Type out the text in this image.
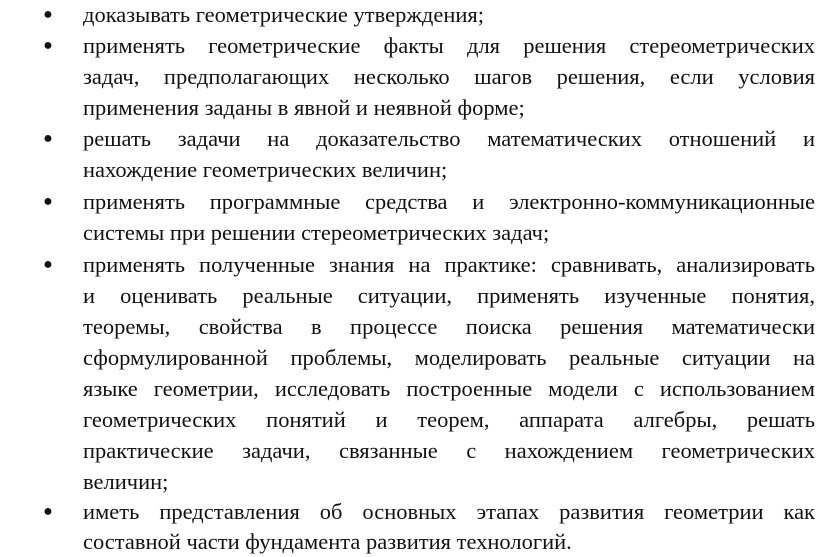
● доказывать геометрические утверждения;
● применять геометрические факты для решения стереометрических
задач, предполагающих несколько шагов решения, если условия
применения заданы в явной и неявной форме;
● решать задачи на доказательство математических отношений и
нахождение геометрических величин;
● применять программные средства и электронно-коммуникационные
системы при решении стереометрических задач;
● применять полученные знания на практике: сравнивать, анализировать
и оценивать реальные ситуации, применять изученные понятия,
теоремы, свойства в процессе поиска решения математически
сформулированной проблемы, моделировать реальные ситуации на
языке геометрии, исследовать построенные модели с использованием
геометрических понятий и теорем, аппарата алгебры, решать
практические задачи, связанные с нахождением геометрических
величин;
● иметь представления об основных этапах развития геометрии как
составной части фундамента развития технологий.
